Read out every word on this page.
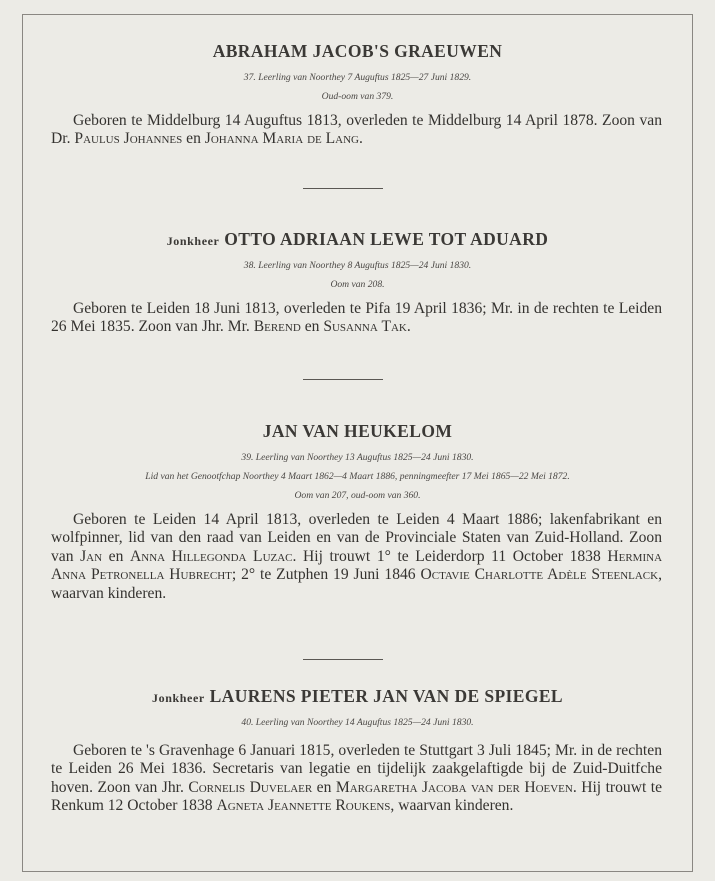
ABRAHAM JACOB'S GRAEUWEN

37. Leerling van Noorthey 7 Auguftus 1825—27 Juni 1829.

Oud-oom van 379.

Geboren te Middelburg 14 Auguftus 1813, overleden te Middelburg 14 April 1878. Zoon van Dr. Paulus Johannes en Johanna Maria de Lang.

Jonkheer OTTO ADRIAAN LEWE TOT ADUARD

38. Leerling van Noorthey 8 Auguftus 1825—24 Juni 1830.

Oom van 208.

Geboren te Leiden 18 Juni 1813, overleden te Pifa 19 April 1836; Mr. in de rechten te Leiden 26 Mei 1835. Zoon van Jhr. Mr. Berend en Susanna Tak.

JAN VAN HEUKELOM

39. Leerling van Noorthey 13 Auguftus 1825—24 Juni 1830.

Lid van het Genootfchap Noorthey 4 Maart 1862—4 Maart 1886, penningmeefter 17 Mei 1865—22 Mei 1872.

Oom van 207, oud-oom van 360.

Geboren te Leiden 14 April 1813, overleden te Leiden 4 Maart 1886; lakenfabrikant en wolfpinner, lid van den raad van Leiden en van de Provinciale Staten van Zuid-Holland. Zoon van Jan en Anna Hillegonda Luzac. Hij trouwt 1° te Leiderdorp 11 October 1838 Hermina Anna Petronella Hubrecht; 2° te Zutphen 19 Juni 1846 Octavie Charlotte Adèle Steenlack, waarvan kinderen.

Jonkheer LAURENS PIETER JAN VAN DE SPIEGEL

40. Leerling van Noorthey 14 Auguftus 1825—24 Juni 1830.

Geboren te 's Gravenhage 6 Januari 1815, overleden te Stuttgart 3 Juli 1845; Mr. in de rechten te Leiden 26 Mei 1836. Secretaris van legatie en tijdelijk zaakgelaftigde bij de Zuid-Duitfche hoven. Zoon van Jhr. Cornelis Duvelaer en Margaretha Jacoba van der Hoeven. Hij trouwt te Renkum 12 October 1838 Agneta Jeannette Roukens, waarvan kinderen.
